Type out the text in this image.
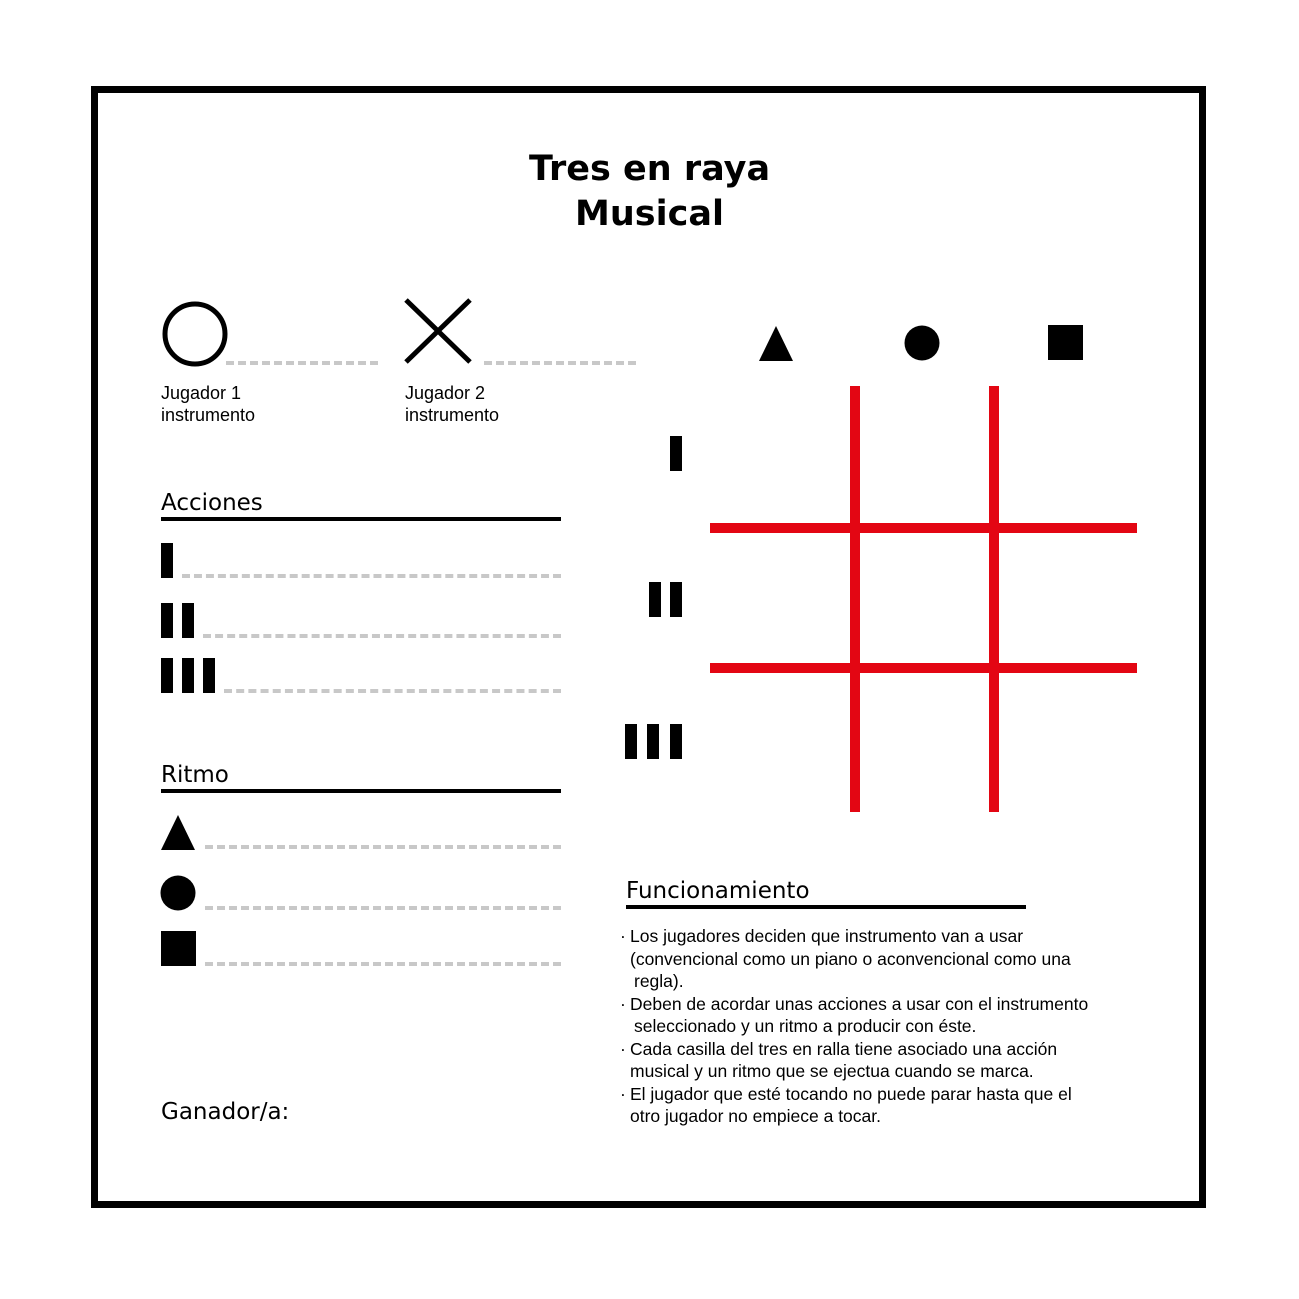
Tres en raya
Musical
Jugador 1
instrumento
Jugador 2
instrumento
Acciones
Ritmo
Funcionamiento
· Los jugadores deciden que instrumento van a usar
(convencional como un piano o aconvencional como una
regla).
· Deben de acordar unas acciones a usar con el instrumento
seleccionado y un ritmo a producir con éste.
· Cada casilla del tres en ralla tiene asociado una acción
musical y un ritmo que se ejectua cuando se marca.
· El jugador que esté tocando no puede parar hasta que el
otro jugador no empiece a tocar.
Ganador/a:
